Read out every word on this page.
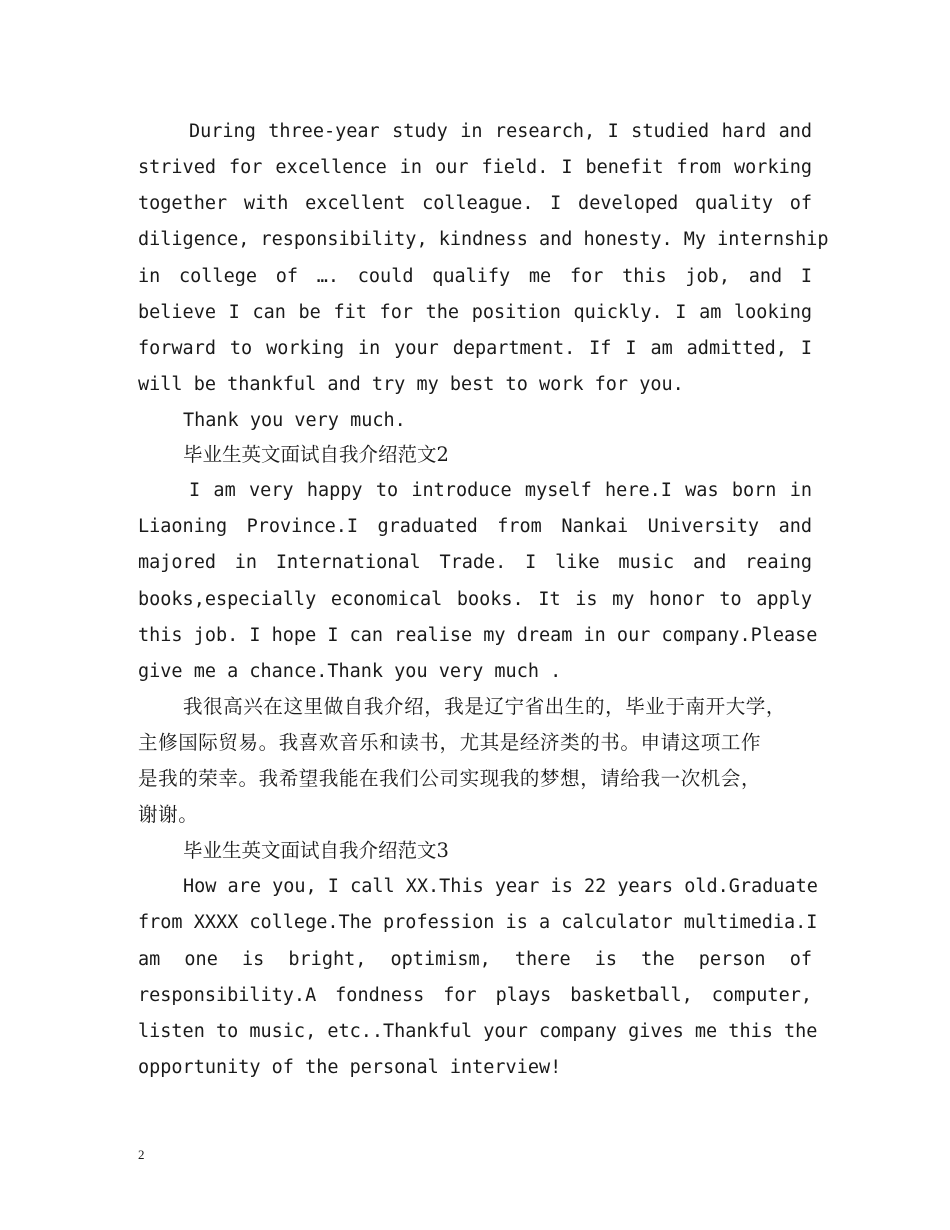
During three-year study in research, I studied hard and
strived for excellence in our field. I benefit from working
together with excellent colleague. I developed quality of
diligence, responsibility, kindness and honesty. My internship
in college of …. could qualify me for this job, and I
believe I can be fit for the position quickly. I am looking
forward to working in your department. If I am admitted, I
will be thankful and try my best to work for you.
Thank you very much.
毕业生英文面试自我介绍范文2
I am very happy to introduce myself here.I was born in
Liaoning Province.I graduated from Nankai University and
majored in International Trade. I like music and reaing
books,especially economical books. It is my honor to apply
this job. I hope I can realise my dream in our company.Please
give me a chance.Thank you very much .
我很高兴在这里做自我介绍，我是辽宁省出生的，毕业于南开大学，
主修国际贸易。我喜欢音乐和读书，尤其是经济类的书。申请这项工作
是我的荣幸。我希望我能在我们公司实现我的梦想，请给我一次机会，
谢谢。
毕业生英文面试自我介绍范文3
How are you, I call XX.This year is 22 years old.Graduate
from XXXX college.The profession is a calculator multimedia.I
am one is bright, optimism, there is the person of
responsibility.A fondness for plays basketball, computer,
listen to music, etc..Thankful your company gives me this the
opportunity of the personal interview!
2
